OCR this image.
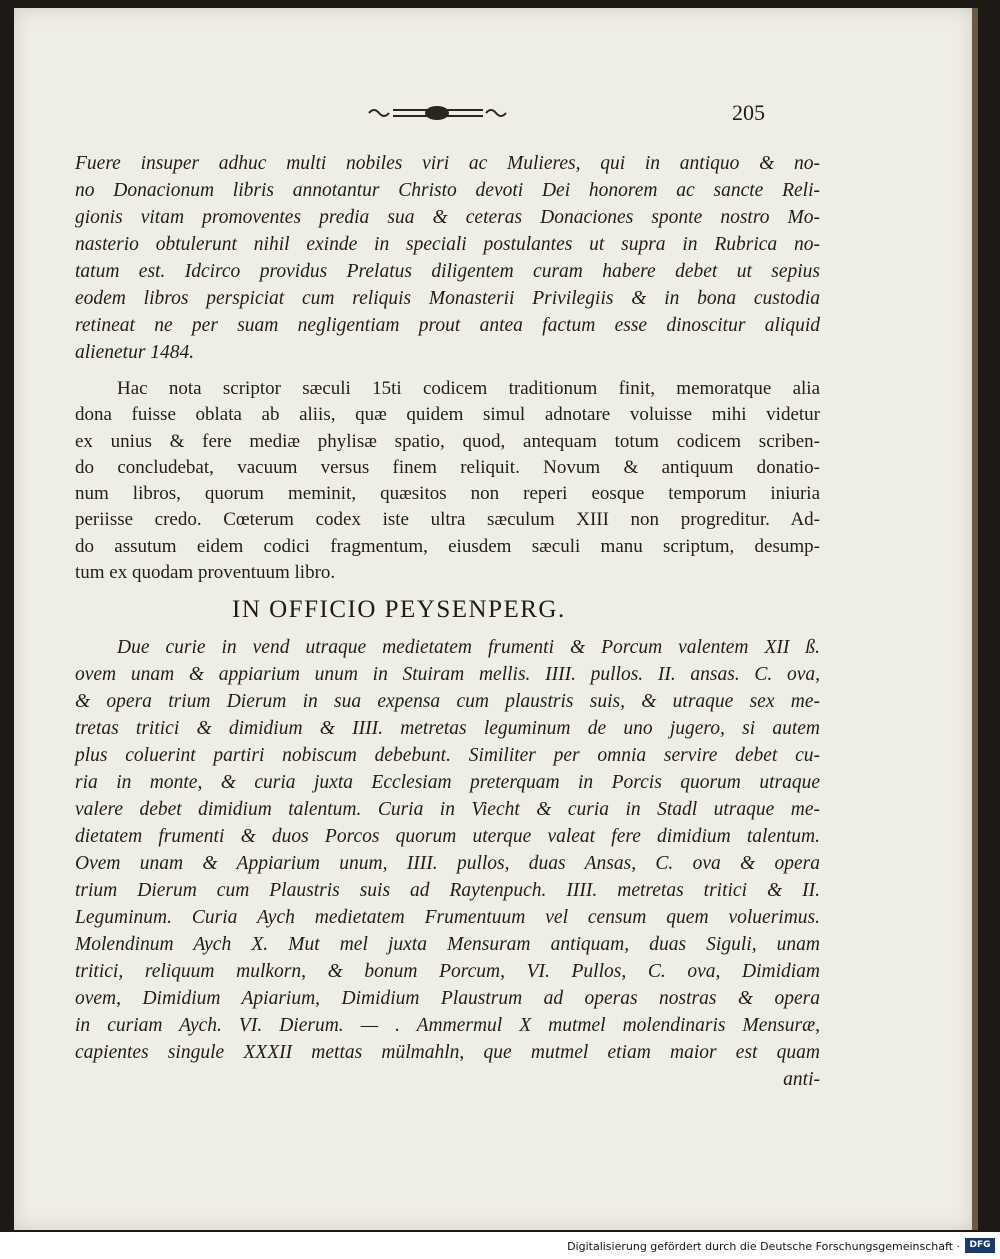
205
Fuere insuper adhuc multi nobiles viri ac Mulieres, qui in antiquo & no-
no Donacionum libris annotantur Christo devoti Dei honorem ac sancte Reli-
gionis vitam promoventes predia sua & ceteras Donaciones sponte nostro Mo-
nasterio obtulerunt nihil exinde in speciali postulantes ut supra in Rubrica no-
tatum est. Idcirco providus Prelatus diligentem curam habere debet ut sepius
eodem libros perspiciat cum reliquis Monasterii Privilegiis & in bona custodia
retineat ne per suam negligentiam prout antea factum esse dinoscitur aliquid
alienetur 1484.
Hac nota scriptor sæculi 15ti codicem traditionum finit, memoratque alia
dona fuisse oblata ab aliis, quæ quidem simul adnotare voluisse mihi videtur
ex unius & fere mediæ phylisæ spatio, quod, antequam totum codicem scriben-
do concludebat, vacuum versus finem reliquit. Novum & antiquum donatio-
num libros, quorum meminit, quæsitos non reperi eosque temporum iniuria
periisse credo. Cœterum codex iste ultra sæculum XIII non progreditur. Ad-
do assutum eidem codici fragmentum, eiusdem sæculi manu scriptum, desump-
tum ex quodam proventuum libro.
IN OFFICIO PEYSENPERG.
Due curie in vend utraque medietatem frumenti & Porcum valentem XII ß.
ovem unam & appiarium unum in Stuiram mellis. IIII. pullos. II. ansas. C. ova,
& opera trium Dierum in sua expensa cum plaustris suis, & utraque sex me-
tretas tritici & dimidium & IIII. metretas leguminum de uno jugero, si autem
plus coluerint partiri nobiscum debebunt. Similiter per omnia servire debet cu-
ria in monte, & curia juxta Ecclesiam preterquam in Porcis quorum utraque
valere debet dimidium talentum. Curia in Viecht & curia in Stadl utraque me-
dietatem frumenti & duos Porcos quorum uterque valeat fere dimidium talentum.
Ovem unam & Appiarium unum, IIII. pullos, duas Ansas, C. ova & opera
trium Dierum cum Plaustris suis ad Raytenpuch. IIII. metretas tritici & II.
Leguminum. Curia Aych medietatem Frumentuum vel censum quem voluerimus.
Molendinum Aych X. Mut mel juxta Mensuram antiquam, duas Siguli, unam
tritici, reliquum mulkorn, & bonum Porcum, VI. Pullos, C. ova, Dimidiam
ovem, Dimidium Apiarium, Dimidium Plaustrum ad operas nostras & opera
in curiam Aych. VI. Dierum. — . Ammermul X mutmel molendinaris Mensuræ,
capientes singule XXXII mettas mülmahln, que mutmel etiam maior est quam
anti-
Digitalisierung gefördert durch die Deutsche Forschungsgemeinschaft ·	DFG
